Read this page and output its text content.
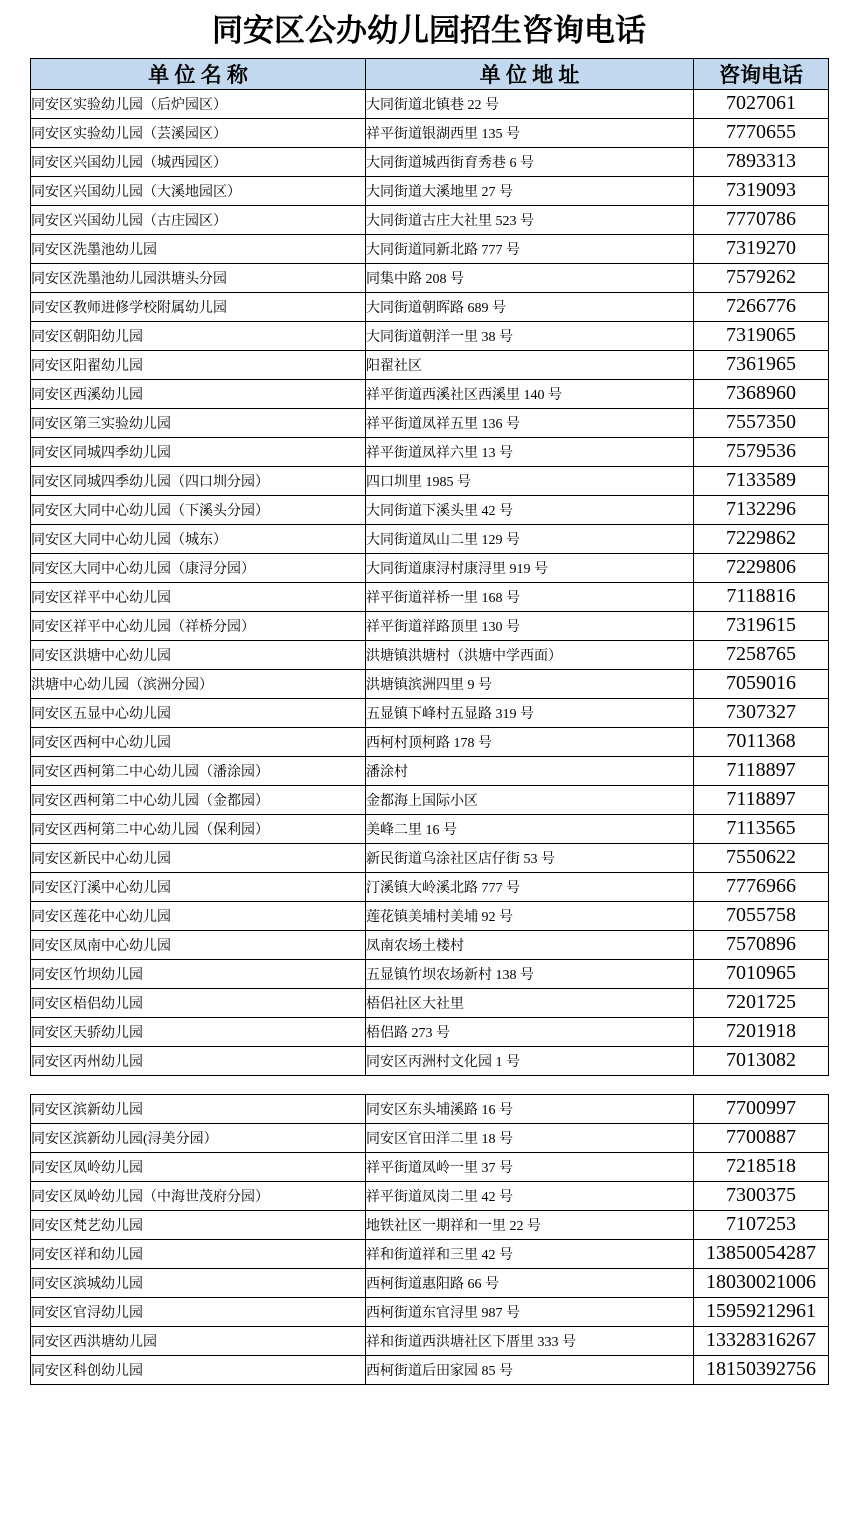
同安区公办幼儿园招生咨询电话
单 位 名 称	单 位 地 址	咨询电话
同安区实验幼儿园（后炉园区）	大同街道北镇巷 22 号	7027061
同安区实验幼儿园（芸溪园区）	祥平街道银湖西里 135 号	7770655
同安区兴国幼儿园（城西园区）	大同街道城西街育秀巷 6 号	7893313
同安区兴国幼儿园（大溪地园区）	大同街道大溪地里 27 号	7319093
同安区兴国幼儿园（古庄园区）	大同街道古庄大社里 523 号	7770786
同安区洗墨池幼儿园	大同街道同新北路 777 号	7319270
同安区洗墨池幼儿园洪塘头分园	同集中路 208 号	7579262
同安区教师进修学校附属幼儿园	大同街道朝晖路 689 号	7266776
同安区朝阳幼儿园	大同街道朝洋一里 38 号	7319065
同安区阳翟幼儿园	阳翟社区	7361965
同安区西溪幼儿园	祥平街道西溪社区西溪里 140 号	7368960
同安区第三实验幼儿园	祥平街道凤祥五里 136 号	7557350
同安区同城四季幼儿园	祥平街道凤祥六里 13 号	7579536
同安区同城四季幼儿园（四口圳分园）	四口圳里 1985 号	7133589
同安区大同中心幼儿园（下溪头分园）	大同街道下溪头里 42 号	7132296
同安区大同中心幼儿园（城东）	大同街道凤山二里 129 号	7229862
同安区大同中心幼儿园（康浔分园）	大同街道康浔村康浔里 919 号	7229806
同安区祥平中心幼儿园	祥平街道祥桥一里 168 号	7118816
同安区祥平中心幼儿园（祥桥分园）	祥平街道祥路顶里 130 号	7319615
同安区洪塘中心幼儿园	洪塘镇洪塘村（洪塘中学西面）	7258765
洪塘中心幼儿园（滨洲分园）	洪塘镇滨洲四里 9 号	7059016
同安区五显中心幼儿园	五显镇下峰村五显路 319 号	7307327
同安区西柯中心幼儿园	西柯村顶柯路 178 号	7011368
同安区西柯第二中心幼儿园（潘涂园）	潘涂村	7118897
同安区西柯第二中心幼儿园（金都园）	金都海上国际小区	7118897
同安区西柯第二中心幼儿园（保利园）	美峰二里 16 号	7113565
同安区新民中心幼儿园	新民街道乌涂社区店仔街 53 号	7550622
同安区汀溪中心幼儿园	汀溪镇大岭溪北路 777 号	7776966
同安区莲花中心幼儿园	莲花镇美埔村美埔 92 号	7055758
同安区凤南中心幼儿园	凤南农场土楼村	7570896
同安区竹坝幼儿园	五显镇竹坝农场新村 138 号	7010965
同安区梧侣幼儿园	梧侣社区大社里	7201725
同安区天骄幼儿园	梧侣路 273 号	7201918
同安区丙州幼儿园	同安区丙洲村文化园 1 号	7013082
同安区滨新幼儿园	同安区东头埔溪路 16 号	7700997
同安区滨新幼儿园(浔美分园）	同安区官田洋二里 18 号	7700887
同安区凤岭幼儿园	祥平街道凤岭一里 37 号	7218518
同安区凤岭幼儿园（中海世茂府分园）	祥平街道凤岗二里 42 号	7300375
同安区梵艺幼儿园	地铁社区一期祥和一里 22 号	7107253
同安区祥和幼儿园	祥和街道祥和三里 42 号	13850054287
同安区滨城幼儿园	西柯街道惠阳路 66 号	18030021006
同安区官浔幼儿园	西柯街道东官浔里 987 号	15959212961
同安区西洪塘幼儿园	祥和街道西洪塘社区下厝里 333 号	13328316267
同安区科创幼儿园	西柯街道后田家园 85 号	18150392756
